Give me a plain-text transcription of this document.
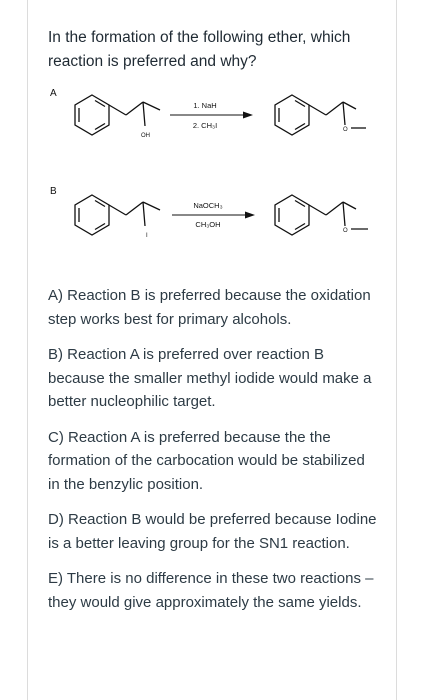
In the formation of the following ether, which reaction is preferred and why?

A
OH
1. NaH
2. CH₃I	O
B
I
NaOCH₃
CH₃OH
O

A) Reaction B is preferred because the oxidation step works best for primary alcohols.

B) Reaction A is preferred over reaction B because the smaller methyl iodide would make a better nucleophilic target.

C) Reaction A is preferred because the the formation of the carbocation would be stabilized in the benzylic position.

D) Reaction B would be preferred because Iodine is a better leaving group for the SN1 reaction.

E) There is no difference in these two reactions – they would give approximately the same yields.
